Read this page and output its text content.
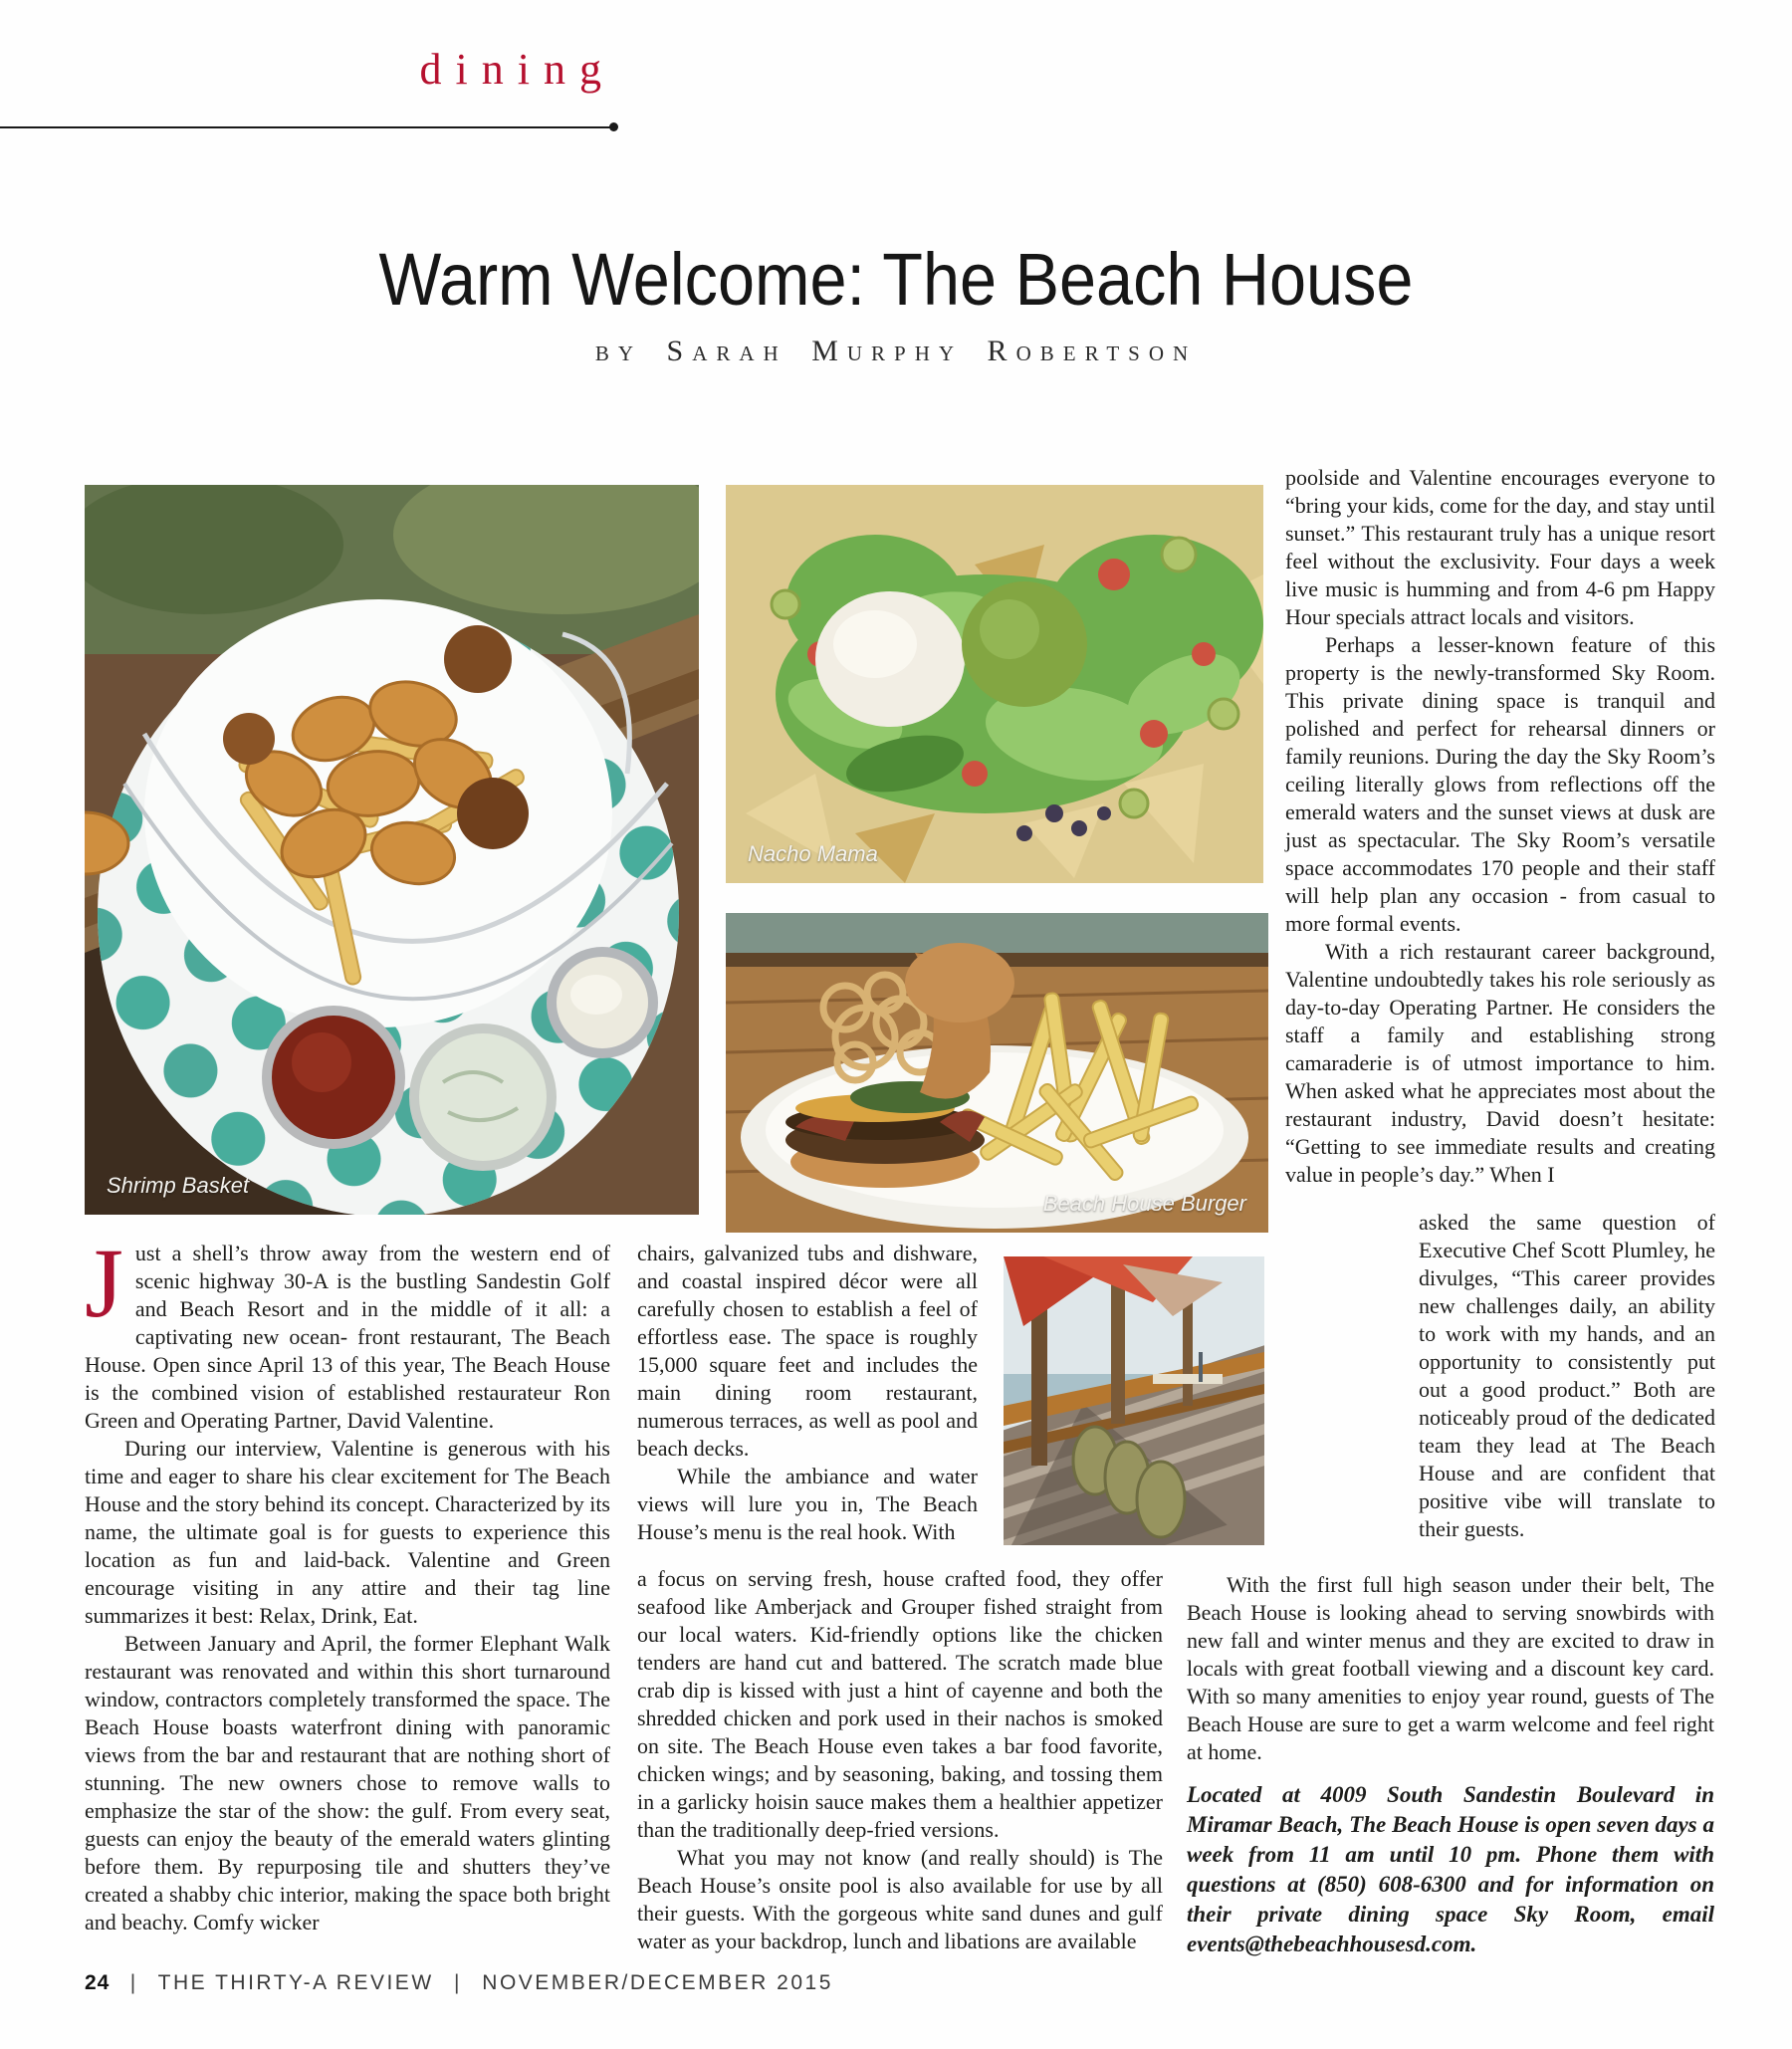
dining
Warm Welcome: The Beach House
by Sarah Murphy Robertson
Shrimp Basket
Nacho Mama
Beach House Burger

Just a shell’s throw away from the western end of scenic highway 30-A is the bustling Sandestin Golf and Beach Resort and in the middle of it all: a captivating new ocean- front restaurant, The Beach House. Open since April 13 of this year, The Beach House is the combined vision of established restaurateur Ron Green and Operating Partner, David Valentine.

During our interview, Valentine is generous with his time and eager to share his clear excitement for The Beach House and the story behind its concept. Characterized by its name, the ultimate goal is for guests to experience this location as fun and laid-back. Valentine and Green encourage visiting in any attire and their tag line summarizes it best: Relax, Drink, Eat.

Between January and April, the former Elephant Walk restaurant was renovated and within this short turnaround window, contractors completely transformed the space. The Beach House boasts waterfront dining with panoramic views from the bar and restaurant that are nothing short of stunning. The new owners chose to remove walls to emphasize the star of the show: the gulf. From every seat, guests can enjoy the beauty of the emerald waters glinting before them. By repurposing tile and shutters they’ve created a shabby chic interior, making the space both bright and beachy. Comfy wicker

chairs, galvanized tubs and dishware, and coastal inspired décor were all carefully chosen to establish a feel of effortless ease. The space is roughly 15,000 square feet and includes the main dining room restaurant, numerous terraces, as well as pool and beach decks.

While the ambiance and water views will lure you in, The Beach House’s menu is the real hook. With

a focus on serving fresh, house crafted food, they offer seafood like Amberjack and Grouper fished straight from our local waters. Kid-friendly options like the chicken tenders are hand cut and battered. The scratch made blue crab dip is kissed with just a hint of cayenne and both the shredded chicken and pork used in their nachos is smoked on site. The Beach House even takes a bar food favorite, chicken wings; and by seasoning, baking, and tossing them in a garlicky hoisin sauce makes them a healthier appetizer than the traditionally deep-fried versions.

What you may not know (and really should) is The Beach House’s onsite pool is also available for use by all their guests. With the gorgeous white sand dunes and gulf water as your backdrop, lunch and libations are available

poolside and Valentine encourages everyone to “bring your kids, come for the day, and stay until sunset.” This restaurant truly has a unique resort feel without the exclusivity. Four days a week live music is humming and from 4-6 pm Happy Hour specials attract locals and visitors.

Perhaps a lesser-known feature of this property is the newly-transformed Sky Room. This private dining space is tranquil and polished and perfect for rehearsal dinners or family reunions. During the day the Sky Room’s ceiling literally glows from reflections off the emerald waters and the sunset views at dusk are just as spectacular. The Sky Room’s versatile space accommodates 170 people and their staff will help plan any occasion - from casual to more formal events.

With a rich restaurant career background, Valentine undoubtedly takes his role seriously as day-to-day Operating Partner. He considers the staff a family and establishing strong camaraderie is of utmost importance to him. When asked what he appreciates most about the restaurant industry, David doesn’t hesitate: “Getting to see immediate results and creating value in people’s day.” When I

asked the same question of Executive Chef Scott Plumley, he divulges, “This career provides new challenges daily, an ability to work with my hands, and an opportunity to consistently put out a good product.” Both are noticeably proud of the dedicated team they lead at The Beach House and are confident that positive vibe will translate to their guests.

With the first full high season under their belt, The Beach House is looking ahead to serving snowbirds with new fall and winter menus and they are excited to draw in locals with great football viewing and a discount key card. With so many amenities to enjoy year round, guests of The Beach House are sure to get a warm welcome and feel right at home.

Located at 4009 South Sandestin Boulevard in Miramar Beach, The Beach House is open seven days a week from 11 am until 10 pm. Phone them with questions at (850) 608-6300 and for information on their private dining space Sky Room, email events@thebeachhousesd.com.
24 | THE THIRTY-A REVIEW | NOVEMBER/DECEMBER 2015
